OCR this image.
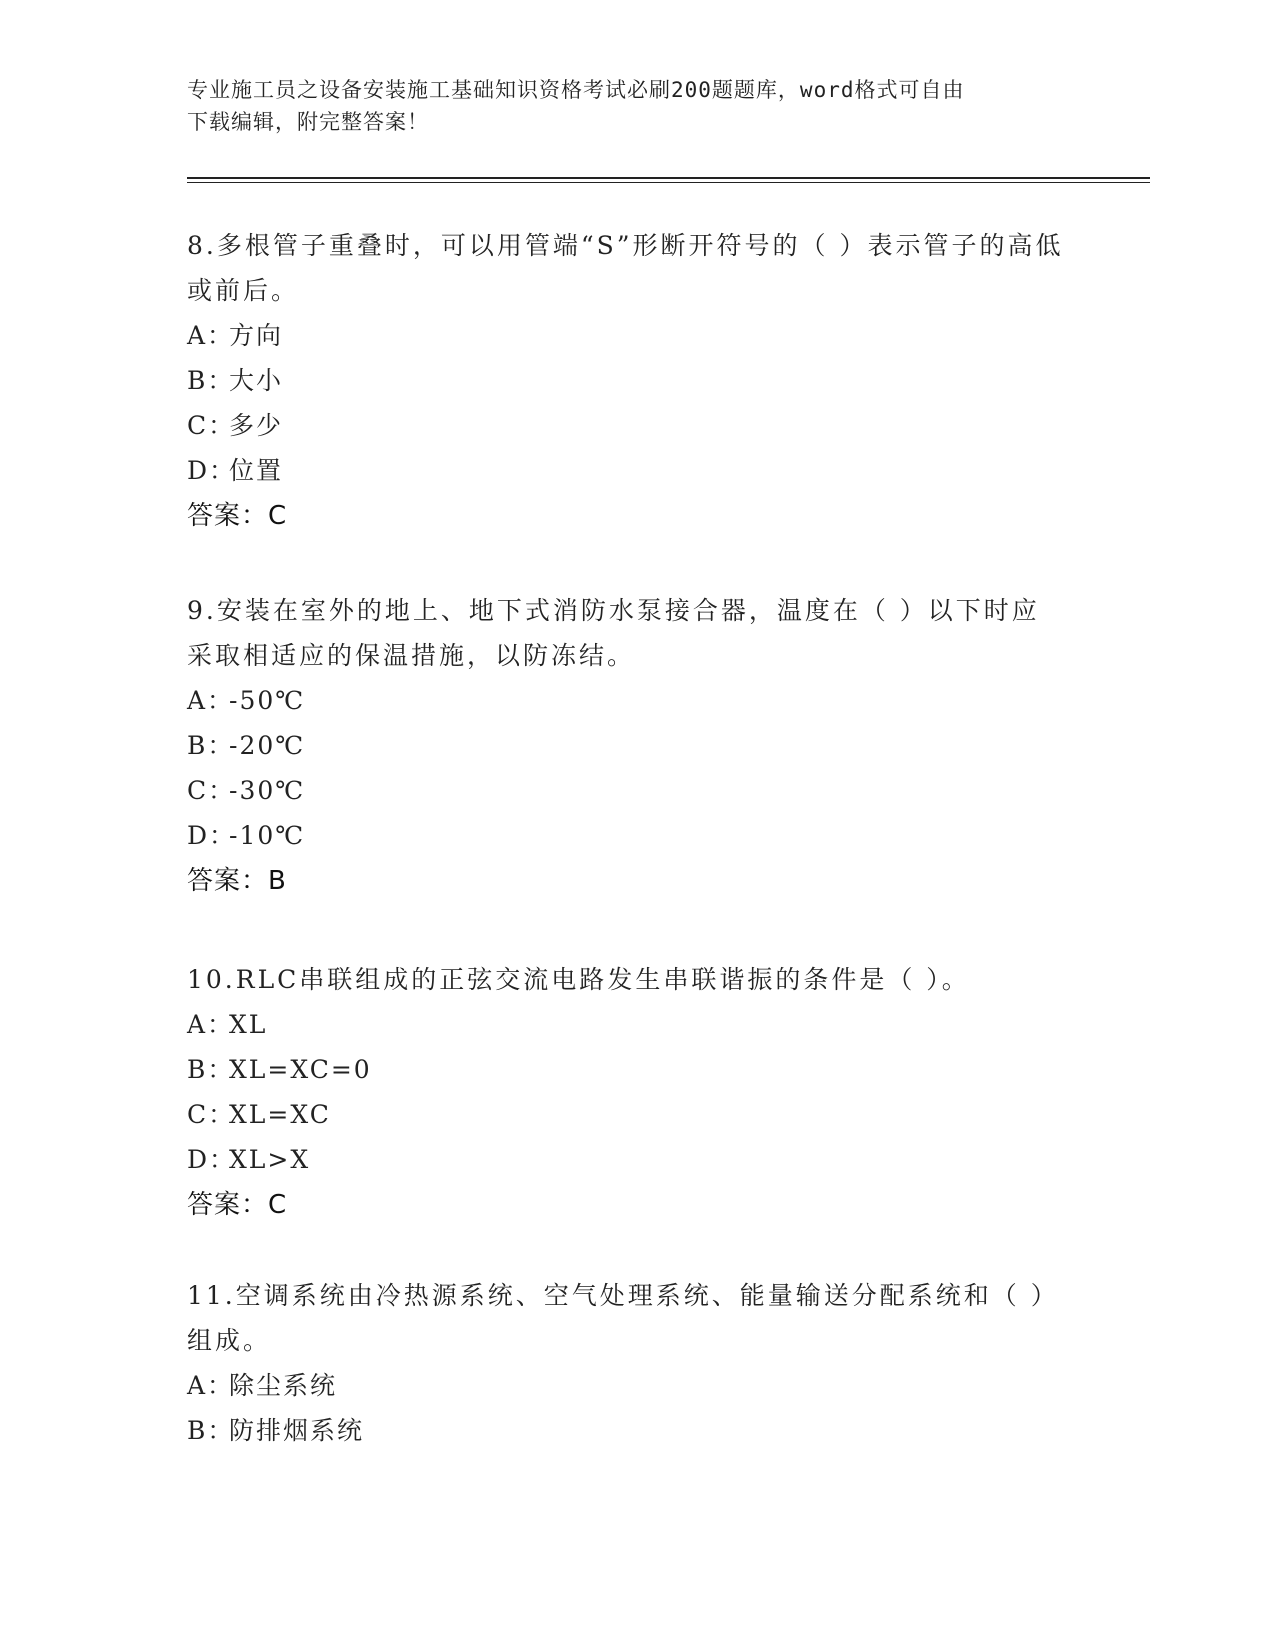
专业施工员之设备安装施工基础知识资格考试必刷200题题库，word格式可自由
下载编辑，附完整答案！

8.多根管子重叠时，可以用管端“S”形断开符号的（ ）表示管子的高低或前后。

A：方向

B：大小

C：多少

D：位置

答案：C

9.安装在室外的地上、地下式消防水泵接合器，温度在（ ）以下时应采取相适应的保温措施，以防冻结。

A：-50℃

B：-20℃

C：-30℃

D：-10℃

答案：B

10.RLC串联组成的正弦交流电路发生串联谐振的条件是（ ）。

A：XL

B：XL=XC=0

C：XL=XC

D：XL>X

答案：C

11.空调系统由冷热源系统、空气处理系统、能量输送分配系统和（ ）组成。

A：除尘系统

B：防排烟系统
